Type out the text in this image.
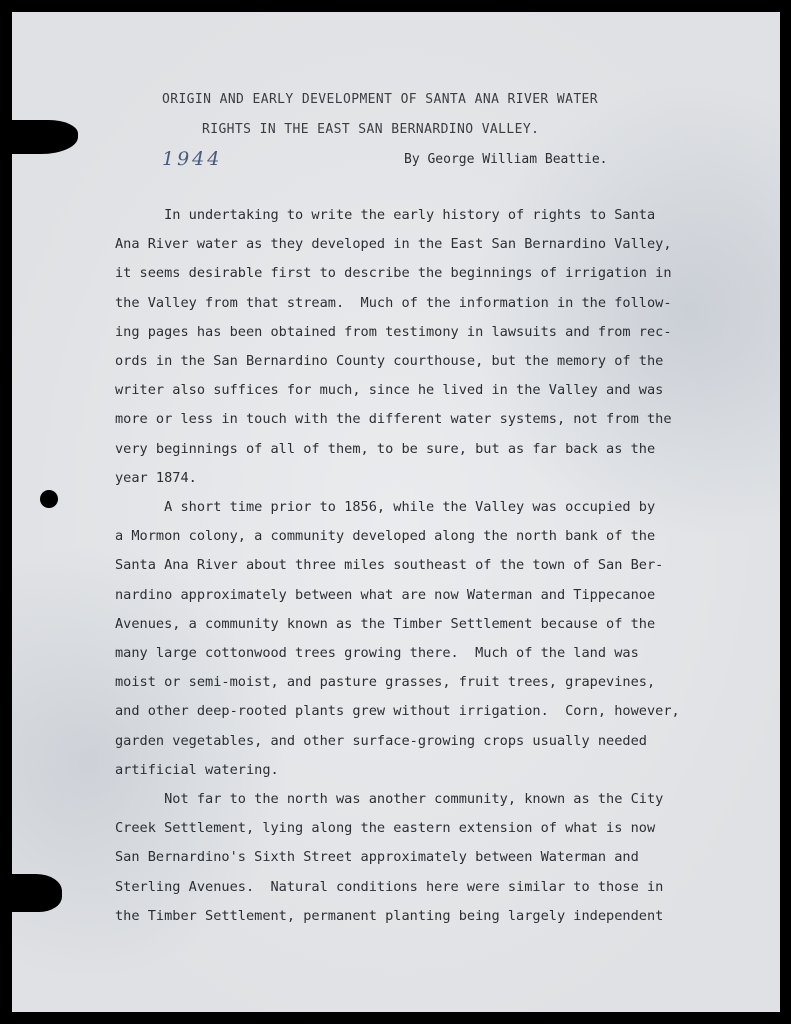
ORIGIN AND EARLY DEVELOPMENT OF SANTA ANA RIVER WATER
RIGHTS IN THE EAST SAN BERNARDINO VALLEY.
1944	By George William Beattie.
In undertaking to write the early history of rights to Santa
Ana River water as they developed in the East San Bernardino Valley,
it seems desirable first to describe the beginnings of irrigation in
the Valley from that stream.  Much of the information in the follow-
ing pages has been obtained from testimony in lawsuits and from rec-
ords in the San Bernardino County courthouse, but the memory of the
writer also suffices for much, since he lived in the Valley and was
more or less in touch with the different water systems, not from the
very beginnings of all of them, to be sure, but as far back as the
year 1874.
A short time prior to 1856, while the Valley was occupied by
a Mormon colony, a community developed along the north bank of the
Santa Ana River about three miles southeast of the town of San Ber-
nardino approximately between what are now Waterman and Tippecanoe
Avenues, a community known as the Timber Settlement because of the
many large cottonwood trees growing there.  Much of the land was
moist or semi-moist, and pasture grasses, fruit trees, grapevines,
and other deep-rooted plants grew without irrigation.  Corn, however,
garden vegetables, and other surface-growing crops usually needed
artificial watering.
Not far to the north was another community, known as the City
Creek Settlement, lying along the eastern extension of what is now
San Bernardino's Sixth Street approximately between Waterman and
Sterling Avenues.  Natural conditions here were similar to those in
the Timber Settlement, permanent planting being largely independent
